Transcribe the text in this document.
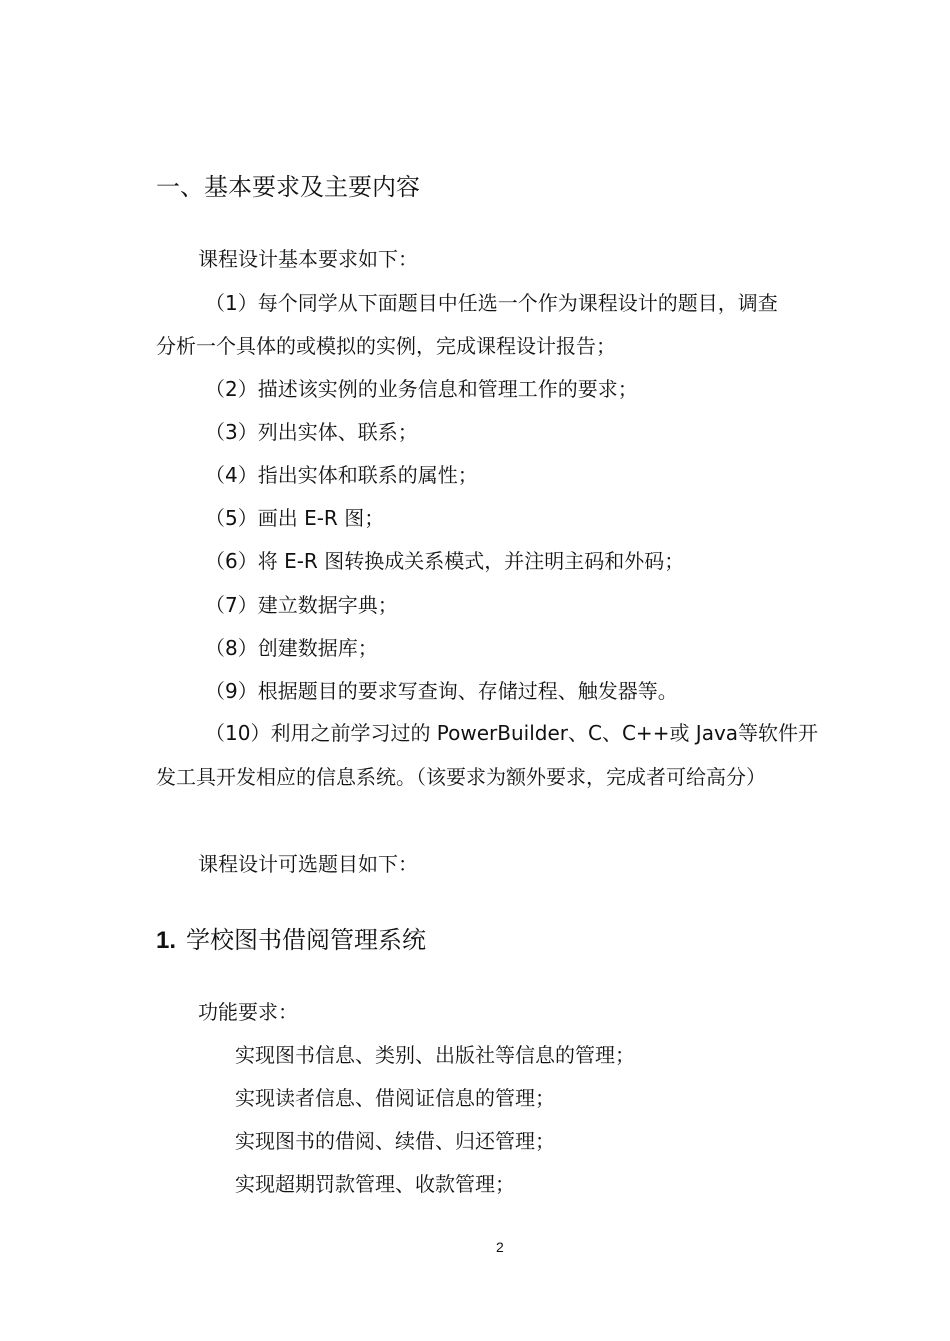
一、基本要求及主要内容
课程设计基本要求如下：
（1）每个同学从下面题目中任选一个作为课程设计的题目，调查
分析一个具体的或模拟的实例，完成课程设计报告；
（2）描述该实例的业务信息和管理工作的要求；
（3）列出实体、联系；
（4）指出实体和联系的属性；
（5）画出 E-R 图；
（6）将 E-R 图转换成关系模式，并注明主码和外码；
（7）建立数据字典；
（8）创建数据库；
（9）根据题目的要求写查询、存储过程、触发器等。
（10）利用之前学习过的 PowerBuilder、C、C++或 Java等软件开
发工具开发相应的信息系统。（该要求为额外要求，完成者可给高分）
课程设计可选题目如下：
1. 学校图书借阅管理系统
功能要求：
实现图书信息、类别、出版社等信息的管理；
实现读者信息、借阅证信息的管理；
实现图书的借阅、续借、归还管理；
实现超期罚款管理、收款管理；
2
